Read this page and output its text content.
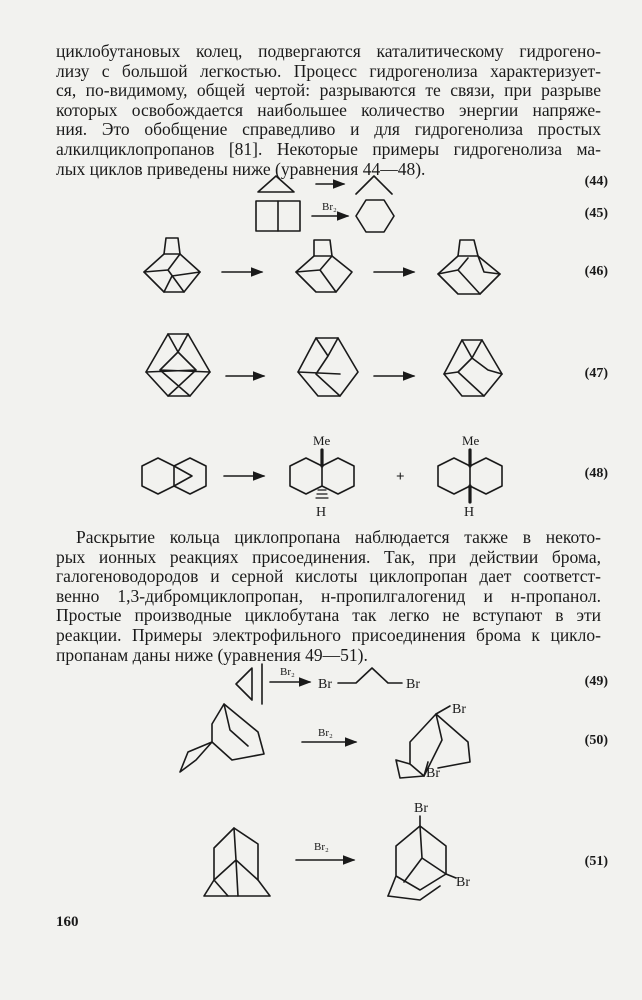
циклобутановых колец, подвергаются каталитическому гидрогено-
лизу с большой легкостью. Процесс гидрогенолиза характеризует-
ся, по-видимому, общей чертой: разрываются те связи, при разрыве
которых освобождается наибольшее количество энергии напряже-
ния. Это обобщение справедливо и для гидрогенолиза простых
алкилциклопропанов [81]. Некоторые примеры гидрогенолиза ма-
лых циклов приведены ниже (уравнения 44—48).
(44)
(45)
(46)
(47)
(48)
(49)
(50)
(51)
Br₂
Me
H
+
Me
H
Br₂
Br	Br
Br₂
Br
Br
Br₂
Br
Br
Раскрытие кольца циклопропана наблюдается также в некото-
рых ионных реакциях присоединения. Так, при действии брома,
галогеноводородов и серной кислоты циклопропан дает соответст-
венно 1,3-дибромциклопропан, н-пропилгалогенид и н-пропанол.
Простые производные циклобутана так легко не вступают в эти
реакции. Примеры электрофильного присоединения брома к цикло-
пропанам даны ниже (уравнения 49—51).
160
